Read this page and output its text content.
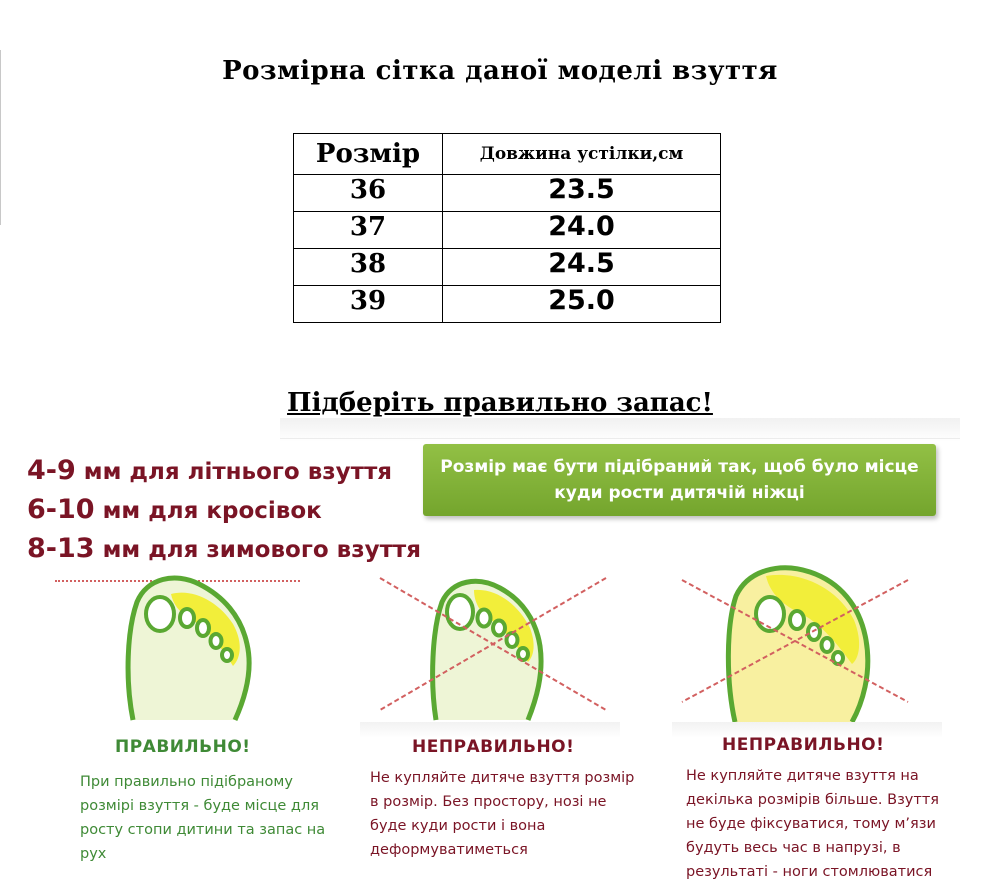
Розмірна сітка даної моделі взуття
Розмір	Довжина устілки,см
36	23.5
37	24.0
38	24.5
39	25.0
Підберіть правильно запас!
4-9 мм для літнього взуття
6-10 мм для кросівок
8-13 мм для зимового взуття
Розмір має бути підібраний так, щоб було місце
куди рости дитячій ніжці
ПРАВИЛЬНО!	НЕПРАВИЛЬНО!	НЕПРАВИЛЬНО!
При правильно підібраному
розмірі взуття - буде місце для
росту стопи дитини та запас на
рух
Не купляйте дитяче взуття розмір
в розмір. Без простору, нозі не
буде куди рости і вона
деформуватиметься
Не купляйте дитяче взуття на
декілька розмірів більше. Взуття
не буде фіксуватися, тому м’язи
будуть весь час в напрузі, в
результаті - ноги стомлюватися
